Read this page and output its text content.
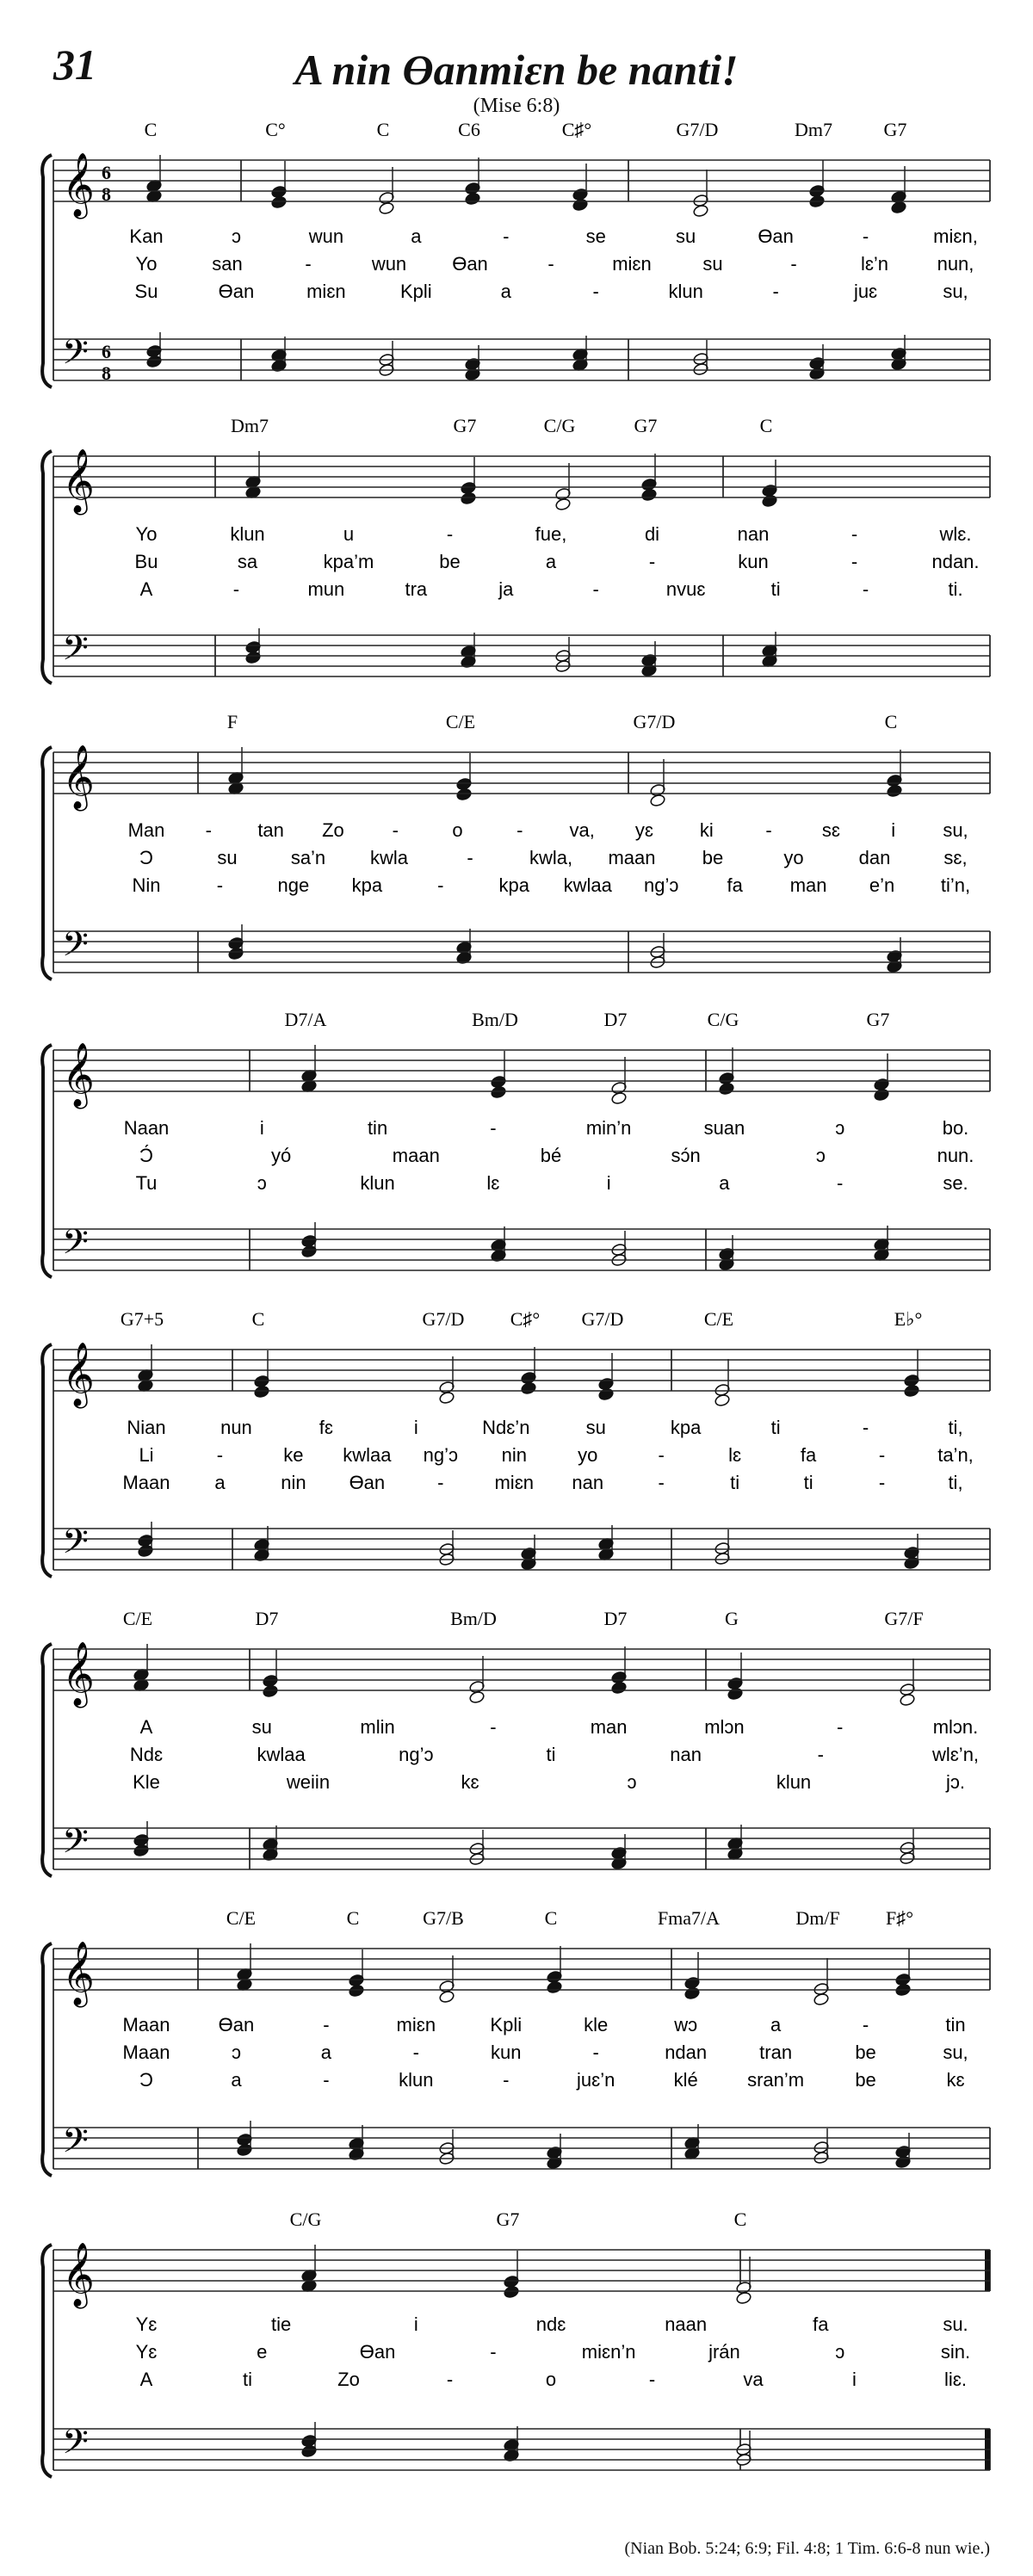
31	A nin Ɵanmiɛn be nanti!
(Mise 6:8)
𝄞
𝄢
6
8
6
8
C	C°	C	C6	C♯°	G7/D	Dm7	G7
Kan	ɔ	wun	a	-	se	su	Ɵan	-	miɛn,
Yo	san	-	wun Ɵan	-	miɛn	su	-	lɛ’n	nun,
Su	Ɵan	miɛn	Kpli	a	-	klun	-	juɛ	su,
𝄞
𝄢
Dm7	G7	C/G	G7	C
Yo	klun	u	-	fue,	di	nan	-	wlɛ.
Bu	sa	kpa’m	be	a	-	kun	-	ndan.
A	-	mun	tra	ja	-	nvuɛ	ti	-	ti.
𝄞
𝄢
F	C/E	G7/D	C
Man - tan Zo	-	o	- va, yɛ ki	-	sɛ	i	su,
Ɔ	su	sa’n kwla	-	kwla, maan be	yo	dan	sɛ,
Nin	-	nge kpa	-	kpa kwlaa ng’ɔ	fa man e’n ti’n,
𝄞
𝄢
D7/A	Bm/D	D7	C/G	G7
Naan	i	tin	-	min’n	suan	ɔ	bo.
Ɔ́	yó	maan	bé	sɔ́n	ɔ	nun.
Tu	ɔ	klun	lɛ	i	a	-	se.
𝄞
𝄢
G7+5	C	G7/D C♯° G7/D	C/E	E♭°
Nian	nun	fɛ	i	Ndɛ’n	su	kpa	ti	-	ti,
Li	-	ke kwlaa ng’ɔ nin	yo	-	lɛ	fa	-	ta’n,
Maan a	nin Ɵan	-	miɛn nan	-	ti	ti	-	ti,
𝄞
𝄢
C/E	D7	Bm/D	D7	G	G7/F
A	su	mlin	-	man	mlɔn	-	mlɔn.
Ndɛ	kwlaa	ng’ɔ	ti	nan	-	wlɛ’n,
Kle	weiin	kɛ	ɔ	klun	jɔ.
𝄞
𝄢
C/E	C	G7/B	C	Fma7/A	Dm/F F♯°
Maan	Ɵan	-	miɛn	Kpli	kle	wɔ	a	-	tin
Maan	ɔ	a	-	kun	-	ndan	tran	be	su,
Ɔ	a	-	klun	-	juɛ’n	klé	sran’m	be	kɛ
𝄞
𝄢
C/G	G7	C
Yɛ	tie	i	ndɛ	naan	fa	su.
Yɛ	e	Ɵan	-	miɛn’n	jrán	ɔ	sin.
A	ti	Zo	-	o	-	va	i	liɛ.
(Nian Bob. 5:24; 6:9; Fil. 4:8; 1 Tim. 6:6-8 nun wie.)
